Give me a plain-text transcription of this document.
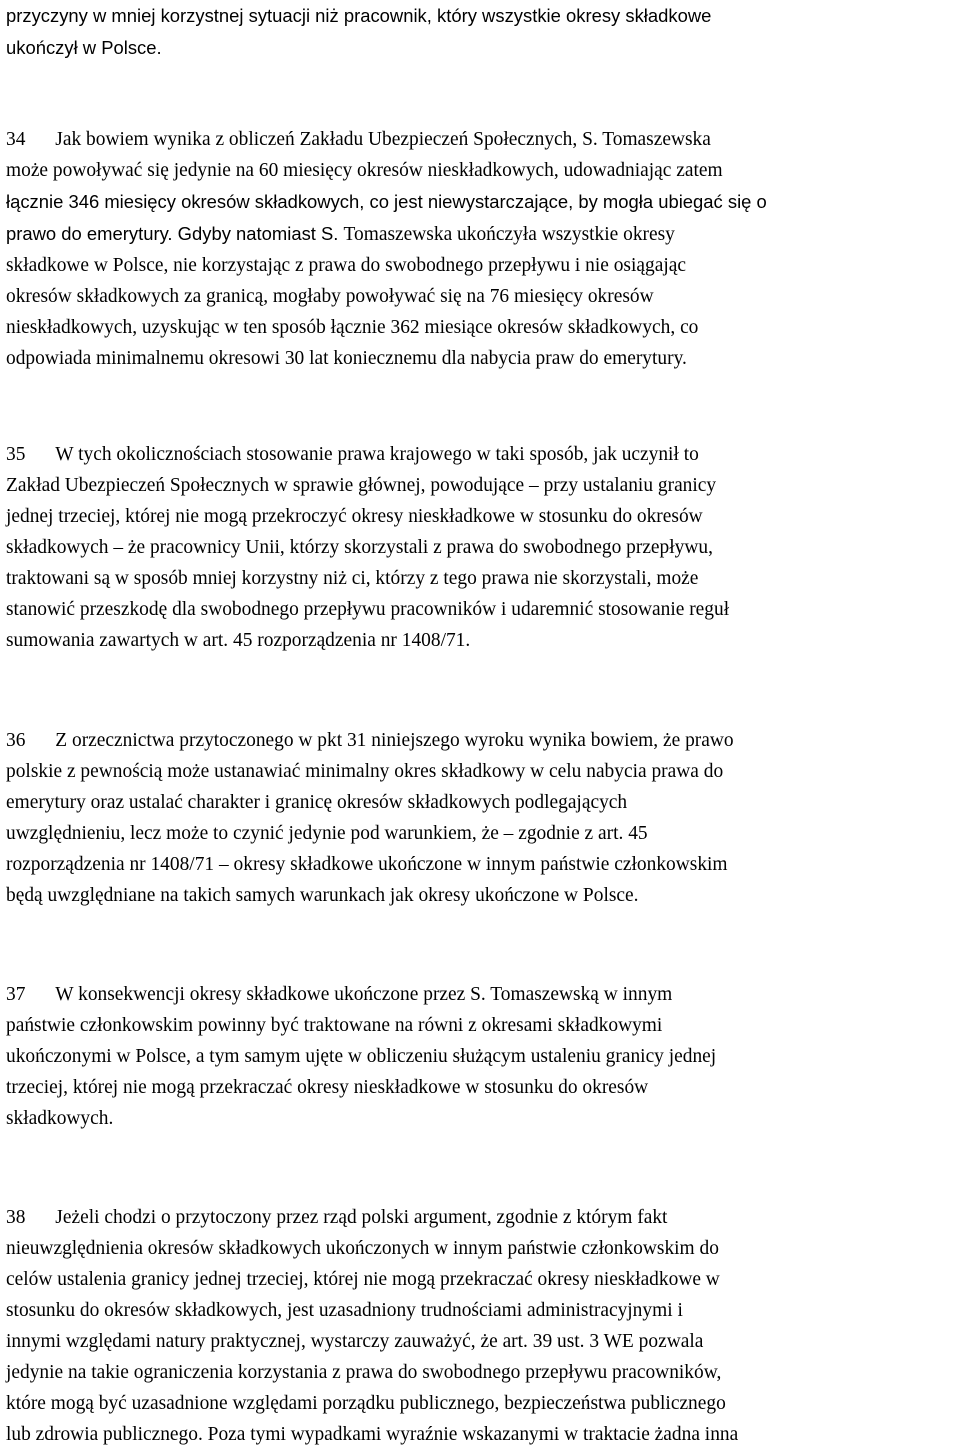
przyczyny w mniej korzystnej sytuacji niż pracownik, który wszystkie okresy składkowe
ukończył w Polsce.
34 Jak bowiem wynika z obliczeń Zakładu Ubezpieczeń Społecznych, S. Tomaszewska
może powoływać się jedynie na 60 miesięcy okresów nieskładkowych, udowadniając zatem
łącznie 346 miesięcy okresów składkowych, co jest niewystarczające, by mogła ubiegać się o
prawo do emerytury. Gdyby natomiast S. Tomaszewska ukończyła wszystkie okresy
składkowe w Polsce, nie korzystając z prawa do swobodnego przepływu i nie osiągając
okresów składkowych za granicą, mogłaby powoływać się na 76 miesięcy okresów
nieskładkowych, uzyskując w ten sposób łącznie 362 miesiące okresów składkowych, co
odpowiada minimalnemu okresowi 30 lat koniecznemu dla nabycia praw do emerytury.
35 W tych okolicznościach stosowanie prawa krajowego w taki sposób, jak uczynił to
Zakład Ubezpieczeń Społecznych w sprawie głównej, powodujące – przy ustalaniu granicy
jednej trzeciej, której nie mogą przekroczyć okresy nieskładkowe w stosunku do okresów
składkowych – że pracownicy Unii, którzy skorzystali z prawa do swobodnego przepływu,
traktowani są w sposób mniej korzystny niż ci, którzy z tego prawa nie skorzystali, może
stanowić przeszkodę dla swobodnego przepływu pracowników i udaremnić stosowanie reguł
sumowania zawartych w art. 45 rozporządzenia nr 1408/71.
36 Z orzecznictwa przytoczonego w pkt 31 niniejszego wyroku wynika bowiem, że prawo
polskie z pewnością może ustanawiać minimalny okres składkowy w celu nabycia prawa do
emerytury oraz ustalać charakter i granicę okresów składkowych podlegających
uwzględnieniu, lecz może to czynić jedynie pod warunkiem, że – zgodnie z art. 45
rozporządzenia nr 1408/71 – okresy składkowe ukończone w innym państwie członkowskim
będą uwzględniane na takich samych warunkach jak okresy ukończone w Polsce.
37 W konsekwencji okresy składkowe ukończone przez S. Tomaszewską w innym
państwie członkowskim powinny być traktowane na równi z okresami składkowymi
ukończonymi w Polsce, a tym samym ujęte w obliczeniu służącym ustaleniu granicy jednej
trzeciej, której nie mogą przekraczać okresy nieskładkowe w stosunku do okresów
składkowych.
38 Jeżeli chodzi o przytoczony przez rząd polski argument, zgodnie z którym fakt
nieuwzględnienia okresów składkowych ukończonych w innym państwie członkowskim do
celów ustalenia granicy jednej trzeciej, której nie mogą przekraczać okresy nieskładkowe w
stosunku do okresów składkowych, jest uzasadniony trudnościami administracyjnymi i
innymi względami natury praktycznej, wystarczy zauważyć, że art. 39 ust. 3 WE pozwala
jedynie na takie ograniczenia korzystania z prawa do swobodnego przepływu pracowników,
które mogą być uzasadnione względami porządku publicznego, bezpieczeństwa publicznego
lub zdrowia publicznego. Poza tymi wypadkami wyraźnie wskazanymi w traktacie żadna inna
